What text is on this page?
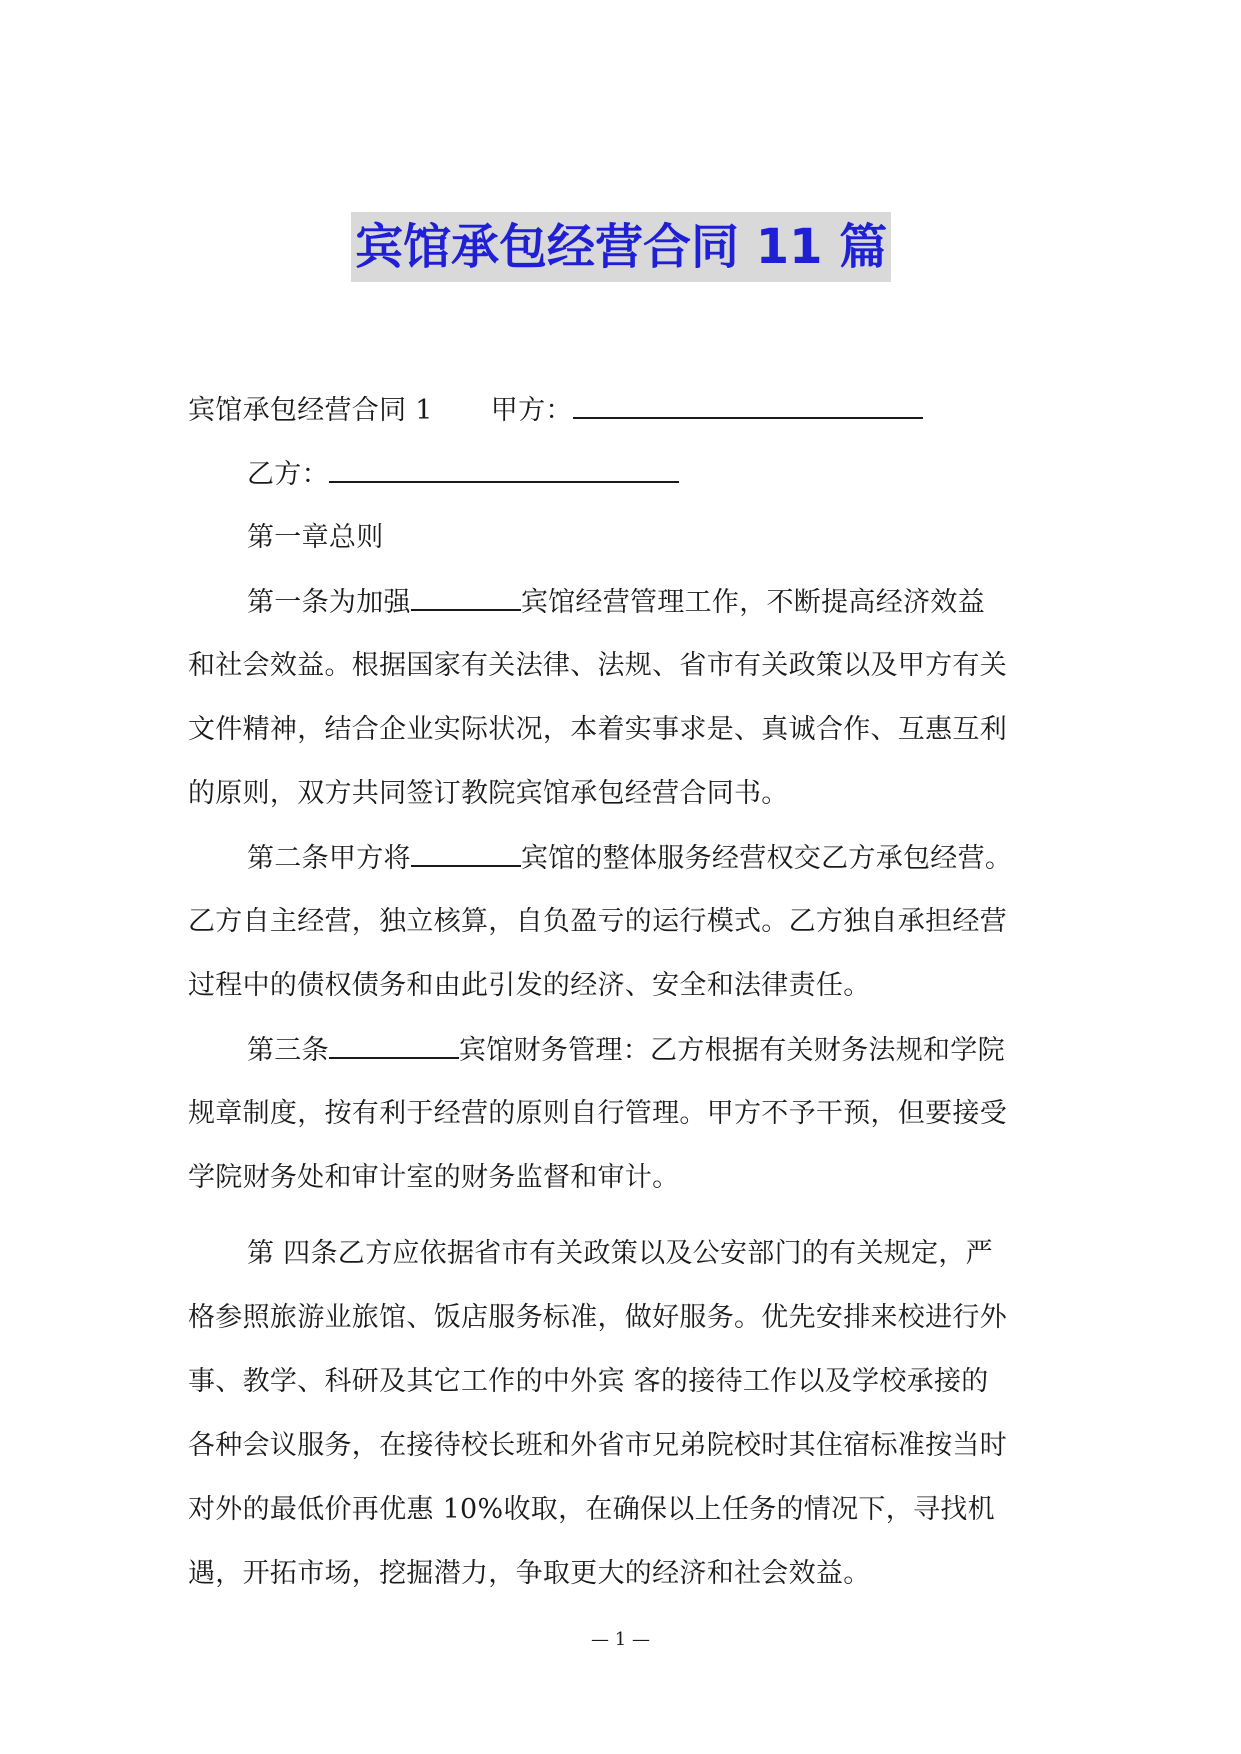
宾馆承包经营合同 11 篇
宾馆承包经营合同 1 甲方：
乙方：
第一章总则
第一条为加强	宾馆经营管理工作，不断提高经济效益
和社会效益。根据国家有关法律、法规、省市有关政策以及甲方有关
文件精神，结合企业实际状况，本着实事求是、真诚合作、互惠互利
的原则，双方共同签订教院宾馆承包经营合同书。
第二条甲方将	宾馆的整体服务经营权交乙方承包经营。
乙方自主经营，独立核算，自负盈亏的运行模式。乙方独自承担经营
过程中的债权债务和由此引发的经济、安全和法律责任。
第三条	宾馆财务管理：乙方根据有关财务法规和学院
规章制度，按有利于经营的原则自行管理。甲方不予干预，但要接受
学院财务处和审计室的财务监督和审计。
第 四条乙方应依据省市有关政策以及公安部门的有关规定，严
格参照旅游业旅馆、饭店服务标准，做好服务。优先安排来校进行外
事、教学、科研及其它工作的中外宾 客的接待工作以及学校承接的
各种会议服务，在接待校长班和外省市兄弟院校时其住宿标准按当时
对外的最低价再优惠 10%收取，在确保以上任务的情况下，寻找机
遇，开拓市场，挖掘潜力，争取更大的经济和社会效益。
— 1 —
